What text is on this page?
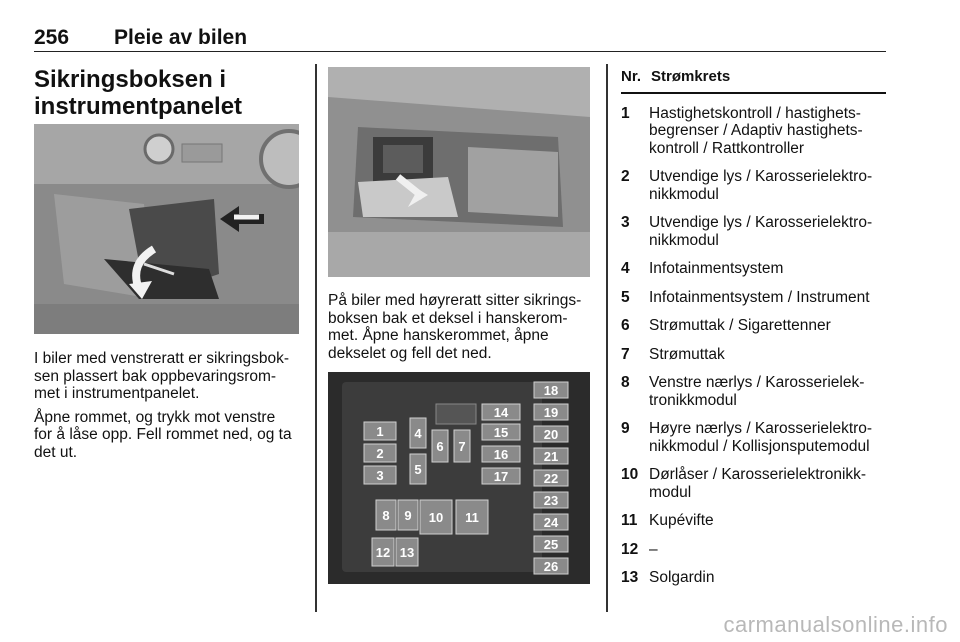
256 Pleie av bilen
Sikringsboksen i
instrumentpanelet

I biler med venstreratt er sikringsbok-
sen plassert bak oppbevaringsrom-
met i instrumentpanelet.

Åpne rommet, og trykk mot venstre
for å låse opp. Fell rommet ned, og ta
det ut.

På biler med høyreratt sitter sikrings-
boksen bak et deksel i hanskerom-
met. Åpne hanskerommet, åpne
dekselet og fell det ned.

1
2
3
4
5
6 7
8 9 10 11
12 13
14
15
16
17
18
19
20
21
22
23
24
25
26
Nr. Strømkrets
1	Hastighetskontroll / hastighets-
begrenser / Adaptiv hastighets-
kontroll / Rattkontroller
2	Utvendige lys / Karosserielektro-
nikkmodul
3	Utvendige lys / Karosserielektro-
nikkmodul
4	Infotainmentsystem
5	Infotainmentsystem / Instrument
6	Strømuttak / Sigarettenner
7	Strømuttak
8	Venstre nærlys / Karosserielek-
tronikkmodul
9	Høyre nærlys / Karosserielektro-
nikkmodul / Kollisjonsputemodul
10 Dørlåser / Karosserielektronikk-
modul
11 Kupévifte
12 –
13 Solgardin
carmanualsonline.info
